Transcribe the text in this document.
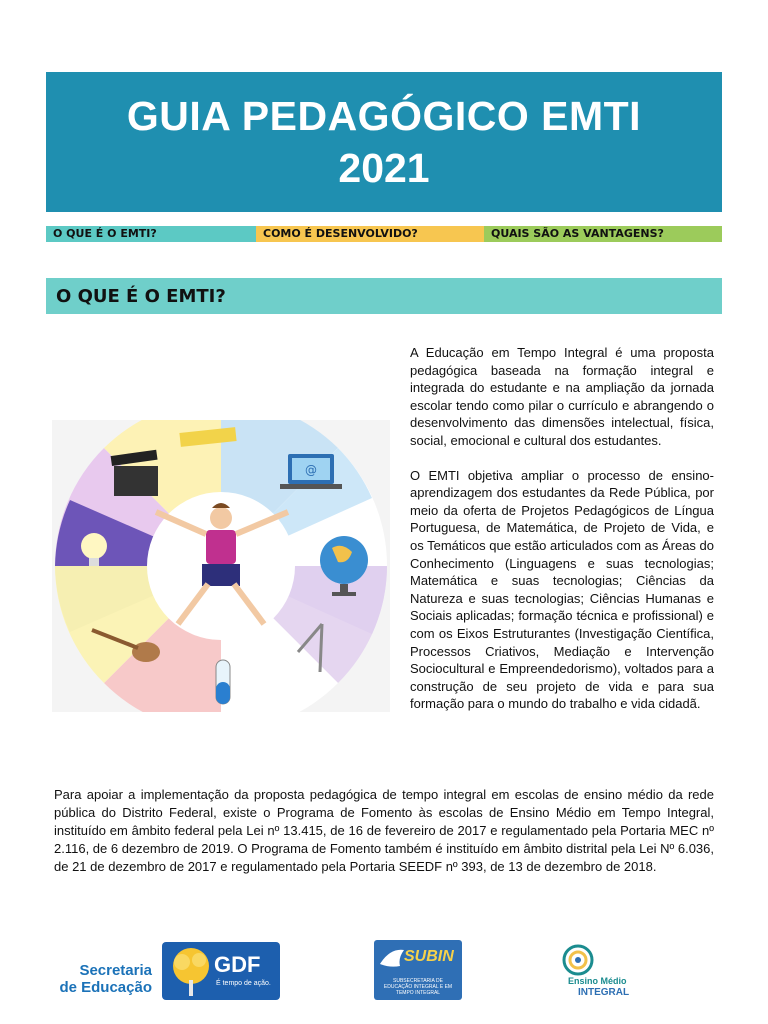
GUIA PEDAGÓGICO EMTI
2021
O QUE É O EMTI?	COMO É DESENVOLVIDO?	QUAIS SÃO AS VANTAGENS?
O QUE É O EMTI?
@

A Educação em Tempo Integral é uma proposta pedagógica baseada na formação integral e integrada do estudante e na ampliação da jornada escolar tendo como pilar o currículo e abrangendo o desenvolvimento das dimensões intelectual, física, social, emocional e cultural dos estudantes.

O EMTI objetiva ampliar o processo de ensino-aprendizagem dos estudantes da Rede Pública, por meio da oferta de Projetos Pedagógicos de Língua Portuguesa, de Matemática, de Projeto de Vida, e os Temáticos que estão articulados com as Áreas do Conhecimento (Linguagens e suas tecnologias; Matemática e suas tecnologias; Ciências da Natureza e suas tecnologias; Ciências Humanas e Sociais aplicadas; formação técnica e profissional) e com os Eixos Estruturantes (Investigação Científica, Processos Criativos, Mediação e Intervenção Sociocultural e Empreendedorismo), voltados para a construção de seu projeto de vida e para sua formação para o mundo do trabalho e vida cidadã.

Para apoiar a implementação da proposta pedagógica de tempo integral em escolas de ensino médio da rede pública do Distrito Federal, existe o Programa de Fomento às escolas de Ensino Médio em Tempo Integral, instituído em âmbito federal pela Lei nº 13.415, de 16 de fevereiro de 2017 e regulamentado pela Portaria MEC nº 2.116, de 6 dezembro de 2019. O Programa de Fomento também é instituído em âmbito distrital pela Lei Nº 6.036, de 21 de dezembro de 2017 e regulamentado pela Portaria SEEDF nº 393, de 13 de dezembro de 2018.
Secretaria
de Educação
GDF
É tempo de ação.
SUBIN
SUBSECRETARIA DE EDUCAÇÃO INTEGRAL E EM TEMPO INTEGRAL
Ensino Médio
INTEGRAL
